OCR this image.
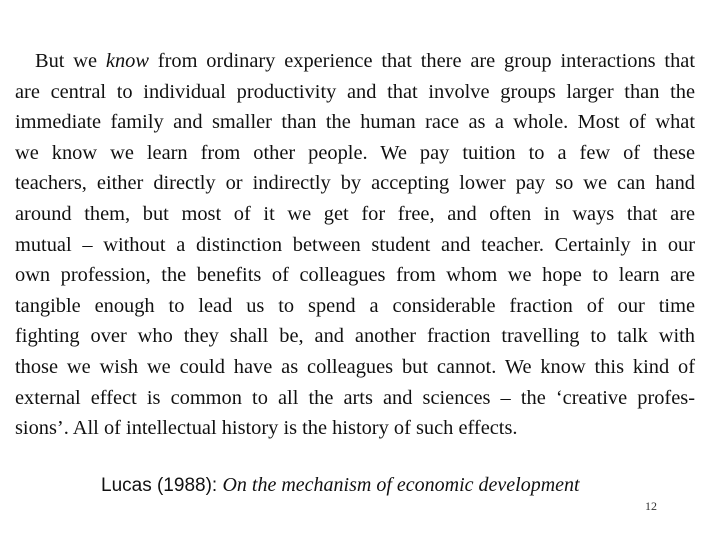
But we know from ordinary experience that there are group interactions that
are central to individual productivity and that involve groups larger than the
immediate family and smaller than the human race as a whole. Most of what
we know we learn from other people. We pay tuition to a few of these
teachers, either directly or indirectly by accepting lower pay so we can hand
around them, but most of it we get for free, and often in ways that are
mutual – without a distinction between student and teacher. Certainly in our
own profession, the benefits of colleagues from whom we hope to learn are
tangible enough to lead us to spend a considerable fraction of our time
fighting over who they shall be, and another fraction travelling to talk with
those we wish we could have as colleagues but cannot. We know this kind of
external effect is common to all the arts and sciences – the ‘creative profes-
sions’. All of intellectual history is the history of such effects.
Lucas (1988): On the mechanism of economic development
12
